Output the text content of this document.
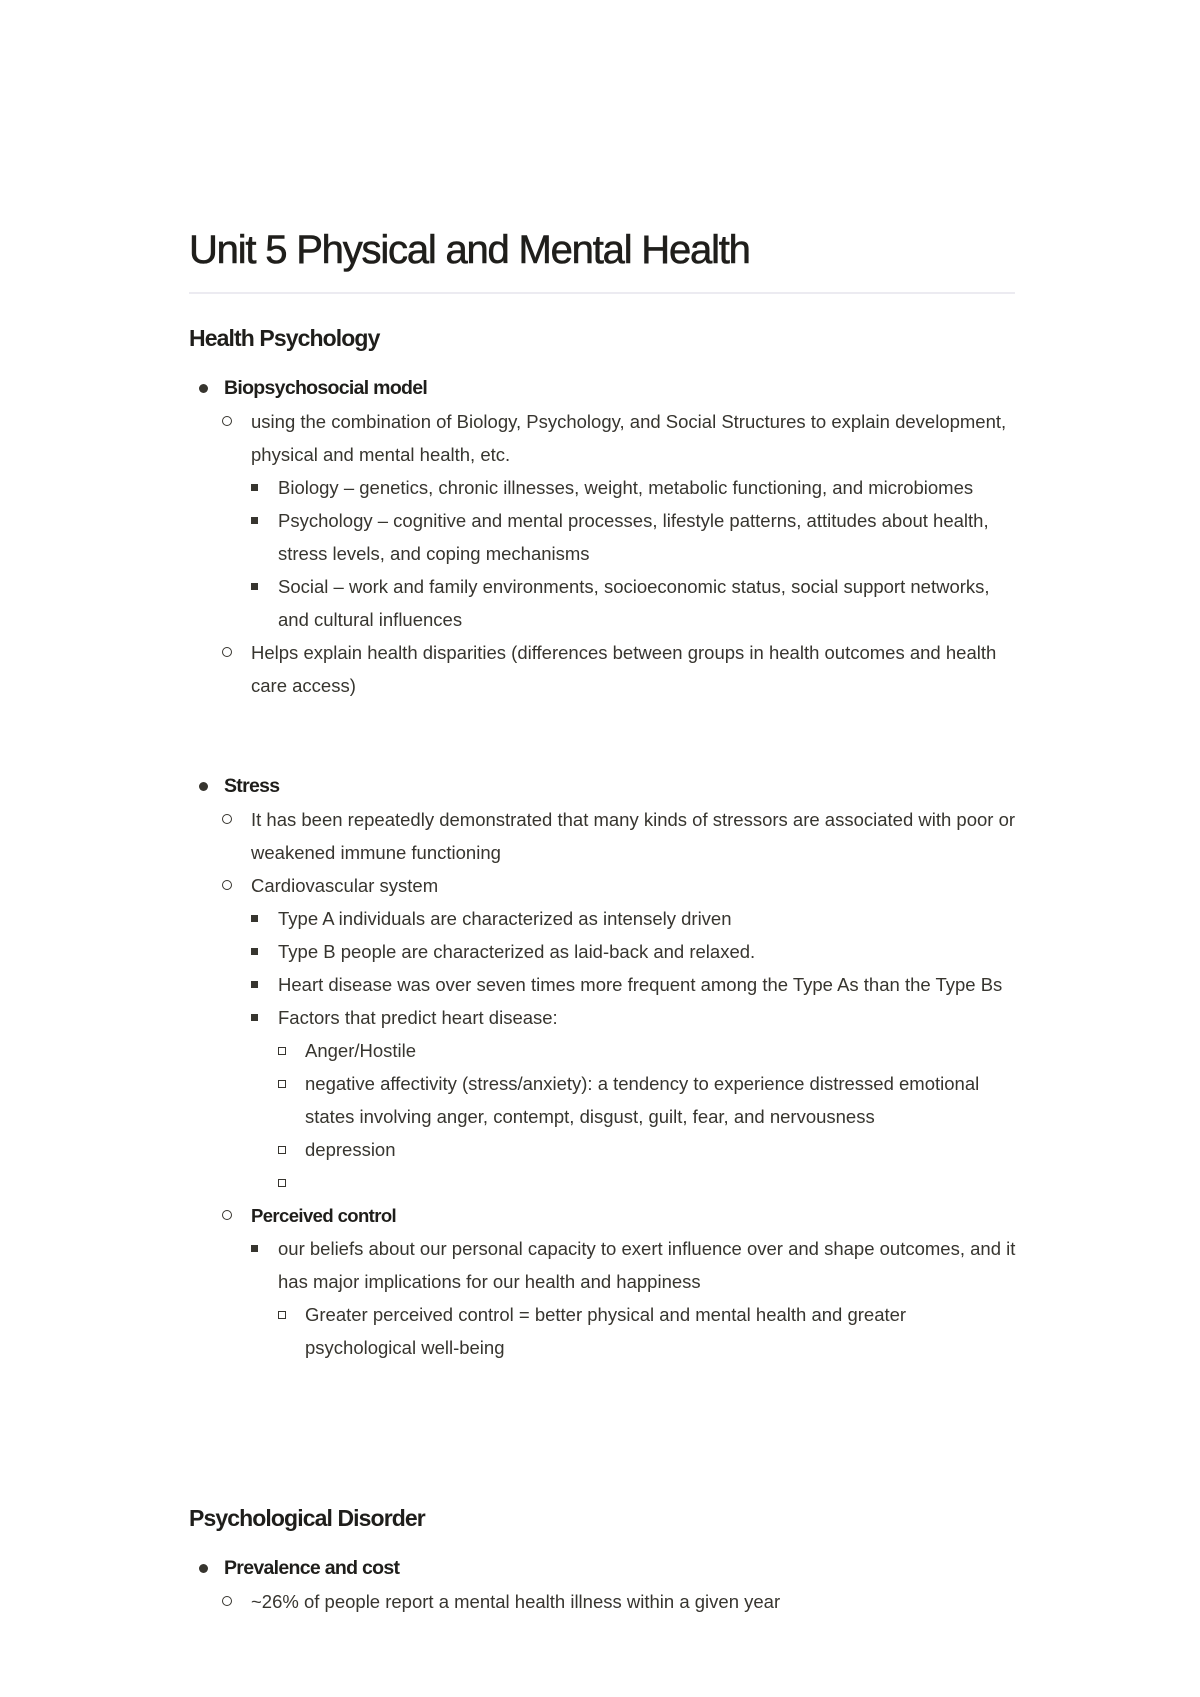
Unit 5 Physical and Mental Health
Health Psychology
Biopsychosocial model
using the combination of Biology, Psychology, and Social Structures to explain development, physical and mental health, etc.
Biology – genetics, chronic illnesses, weight, metabolic functioning, and microbiomes
Psychology – cognitive and mental processes, lifestyle patterns, attitudes about health, stress levels, and coping mechanisms
Social – work and family environments, socioeconomic status, social support networks, and cultural influences
Helps explain health disparities (differences between groups in health outcomes and health care access)
Stress
It has been repeatedly demonstrated that many kinds of stressors are associated with poor or weakened immune functioning
Cardiovascular system
Type A individuals are characterized as intensely driven
Type B people are characterized as laid-back and relaxed.
Heart disease was over seven times more frequent among the Type As than the Type Bs
Factors that predict heart disease:
Anger/Hostile
negative affectivity (stress/anxiety): a tendency to experience distressed emotional states involving anger, contempt, disgust, guilt, fear, and nervousness
depression
Perceived control
our beliefs about our personal capacity to exert influence over and shape outcomes, and it has major implications for our health and happiness
Greater perceived control = better physical and mental health and greater psychological well-being
Psychological Disorder
Prevalence and cost
~26% of people report a mental health illness within a given year
